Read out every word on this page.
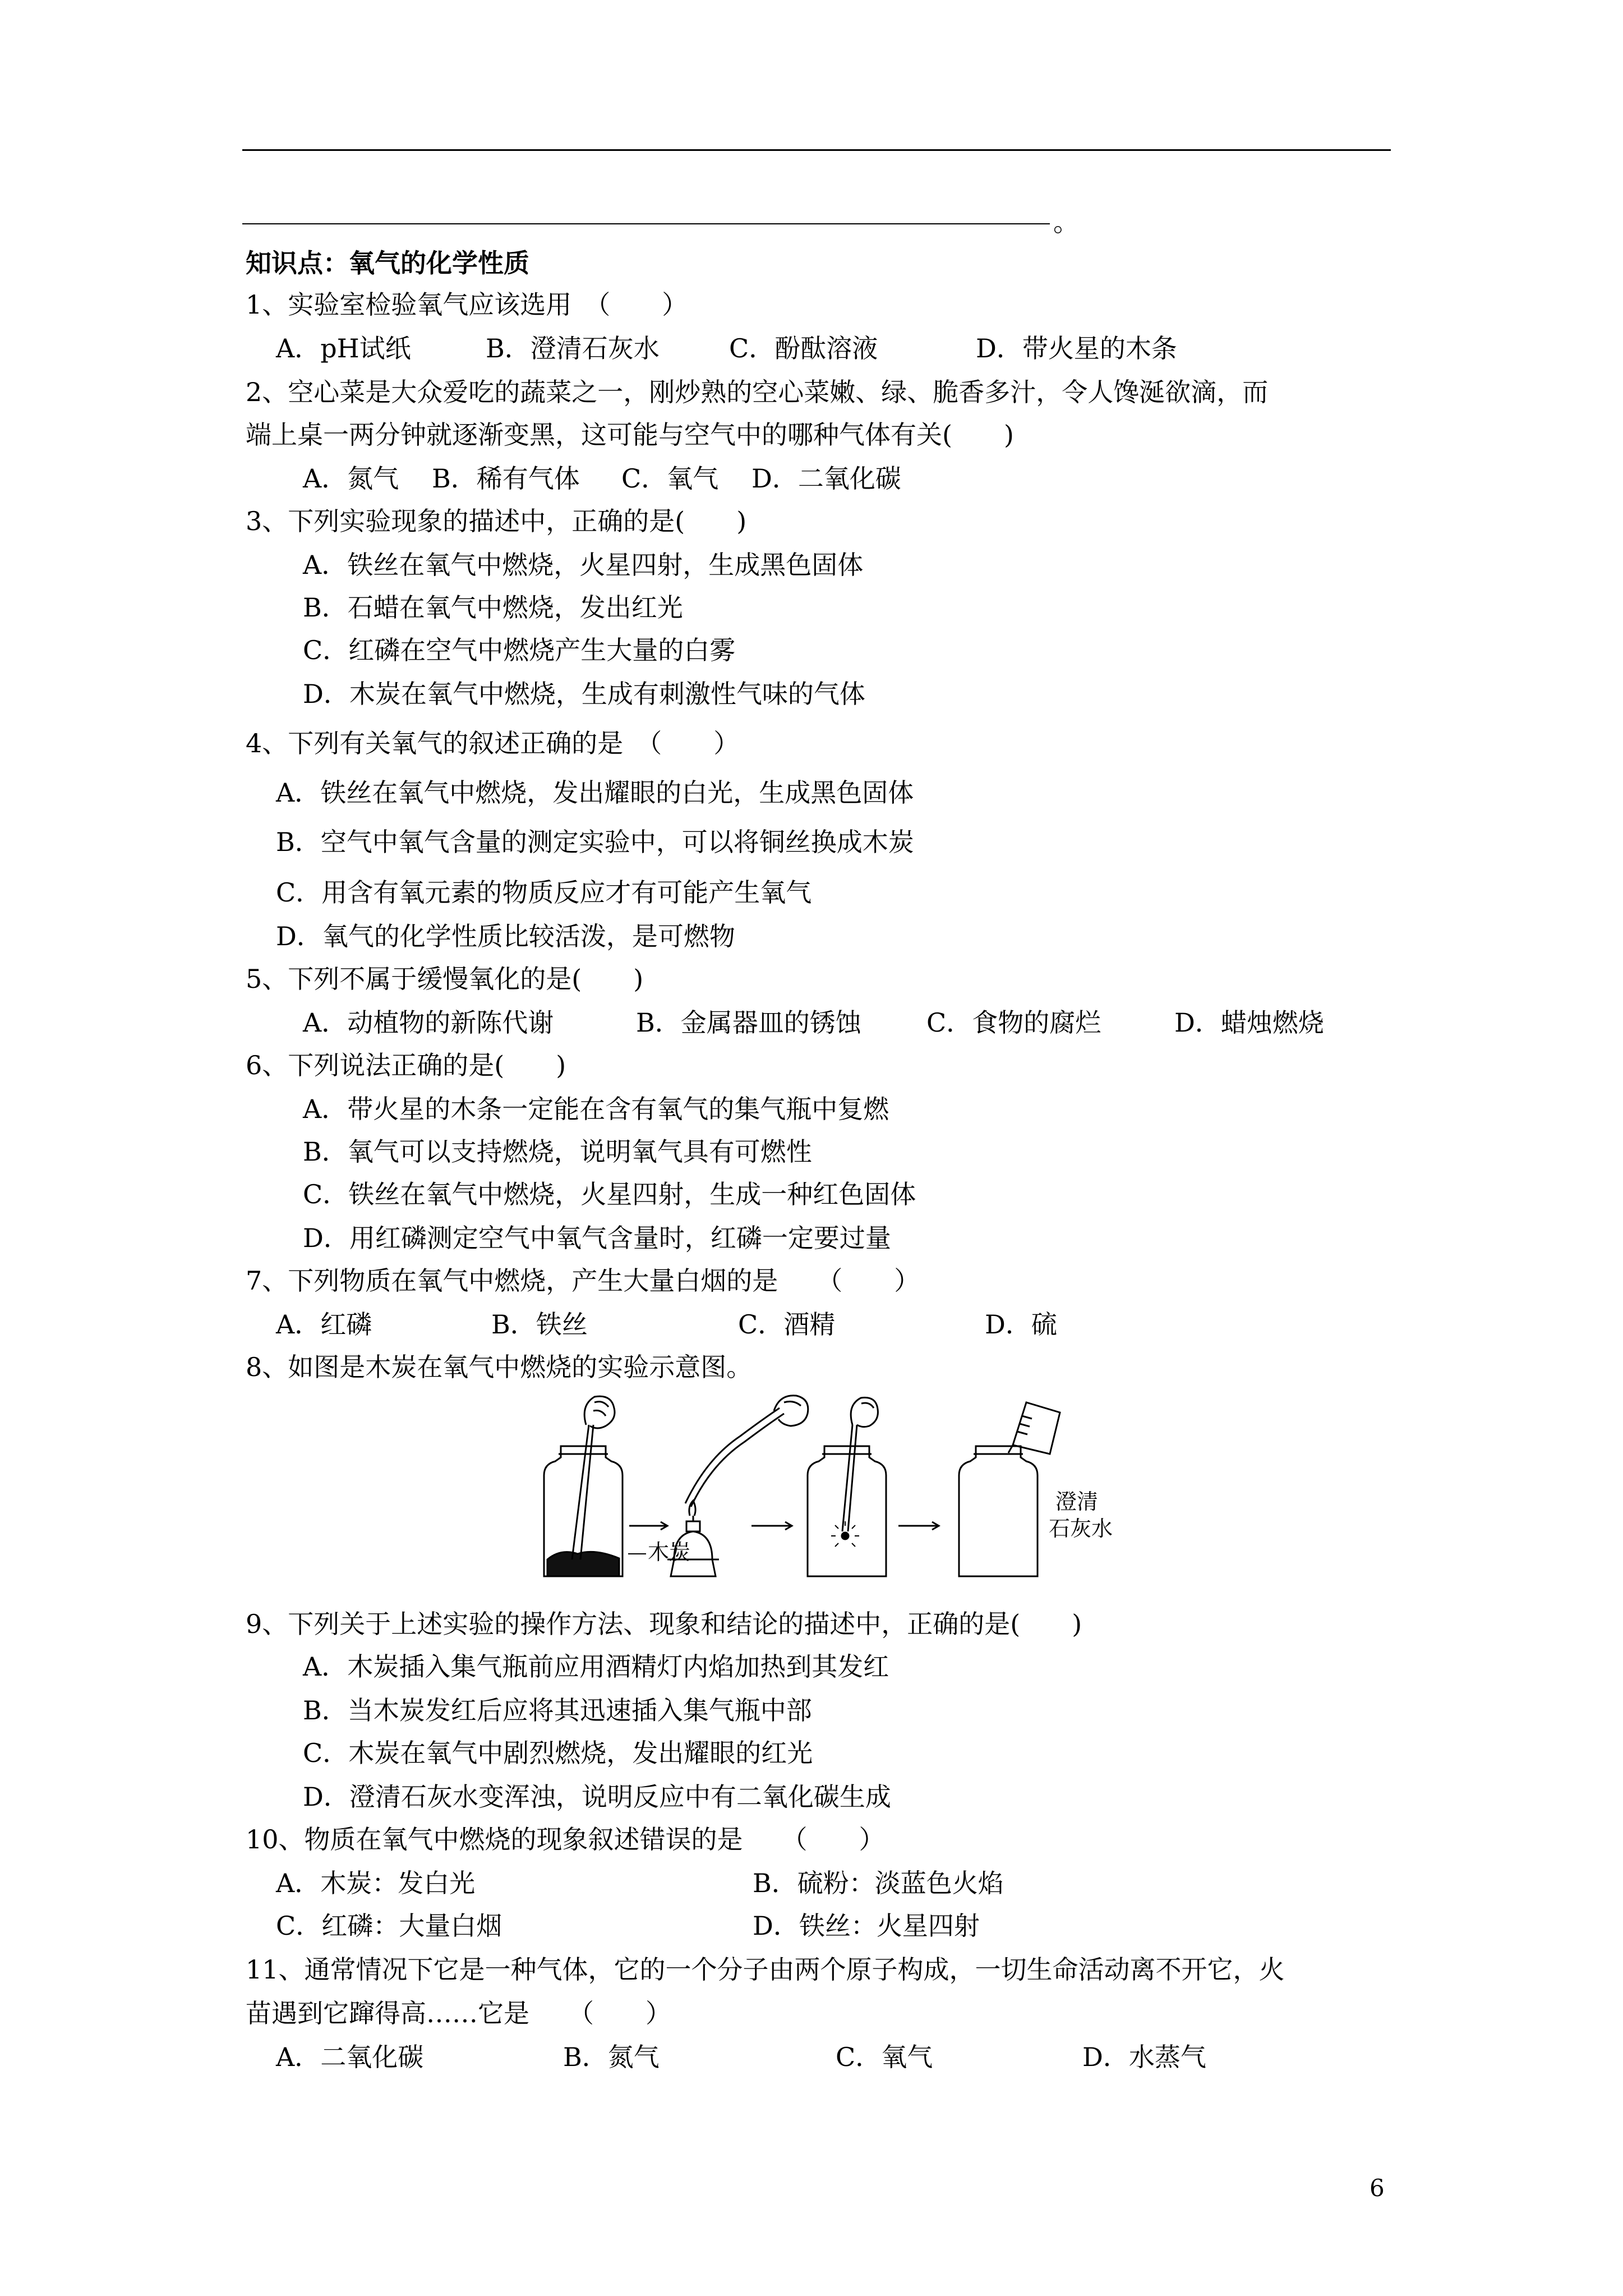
。
知识点：氧气的化学性质
1、实验室检验氧气应该选用　（　　）
A．pH试纸	B．澄清石灰水	C．酚酞溶液	D．带火星的木条
2、空心菜是大众爱吃的蔬菜之一，刚炒熟的空心菜嫩、绿、脆香多汁，令人馋涎欲滴，而
端上桌一两分钟就逐渐变黑，这可能与空气中的哪种气体有关(　　)
A．氮气 B．稀有气体 C．氧气 D．二氧化碳
3、下列实验现象的描述中，正确的是(　　)
A．铁丝在氧气中燃烧，火星四射，生成黑色固体
B．石蜡在氧气中燃烧，发出红光
C．红磷在空气中燃烧产生大量的白雾
D．木炭在氧气中燃烧，生成有刺激性气味的气体
4、下列有关氧气的叙述正确的是　（　　）
A．铁丝在氧气中燃烧，发出耀眼的白光，生成黑色固体
B．空气中氧气含量的测定实验中，可以将铜丝换成木炭
C．用含有氧元素的物质反应才有可能产生氧气
D．氧气的化学性质比较活泼，是可燃物
5、下列不属于缓慢氧化的是(　　)
A．动植物的新陈代谢	B．金属器皿的锈蚀	C．食物的腐烂	D．蜡烛燃烧
6、下列说法正确的是(　　)
A．带火星的木条一定能在含有氧气的集气瓶中复燃
B．氧气可以支持燃烧，说明氧气具有可燃性
C．铁丝在氧气中燃烧，火星四射，生成一种红色固体
D．用红磷测定空气中氧气含量时，红磷一定要过量
7、下列物质在氧气中燃烧，产生大量白烟的是　　（　　）
A．红磷	B．铁丝	C．酒精	D．硫
8、如图是木炭在氧气中燃烧的实验示意图。
木炭
澄清
石灰水
9、下列关于上述实验的操作方法、现象和结论的描述中，正确的是(　　)
A．木炭插入集气瓶前应用酒精灯内焰加热到其发红
B．当木炭发红后应将其迅速插入集气瓶中部
C．木炭在氧气中剧烈燃烧，发出耀眼的红光
D．澄清石灰水变浑浊，说明反应中有二氧化碳生成
10、物质在氧气中燃烧的现象叙述错误的是　　（　　）
A．木炭：发白光	B．硫粉：淡蓝色火焰
C．红磷：大量白烟	D．铁丝：火星四射
11、通常情况下它是一种气体，它的一个分子由两个原子构成，一切生命活动离不开它，火
苗遇到它蹿得高……它是　　（　　）
A．二氧化碳	B．氮气	C．氧气	D．水蒸气
6
